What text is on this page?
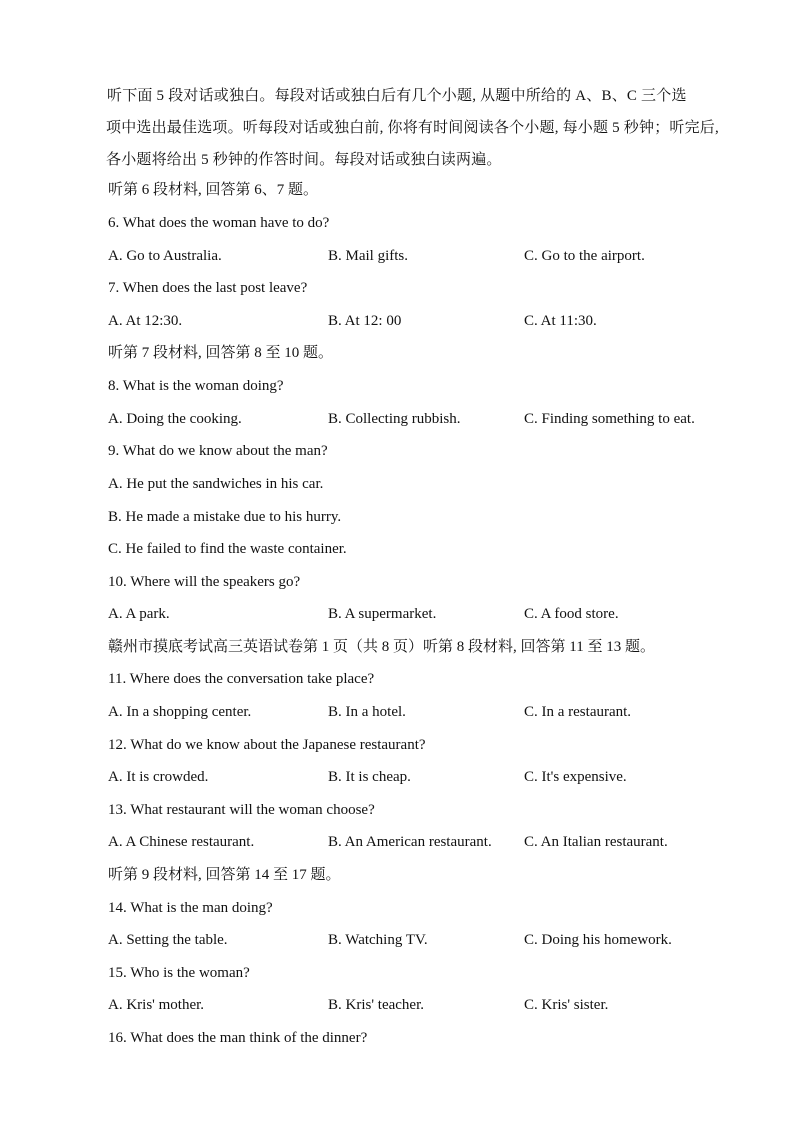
听下面 5 段对话或独白。每段对话或独白后有几个小题, 从题中所给的 A、B、C 三个选
项中选出最佳选项。听每段对话或独白前, 你将有时间阅读各个小题, 每小题 5 秒钟；听完后,
各小题将给出 5 秒钟的作答时间。每段对话或独白读两遍。
听第 6 段材料, 回答第 6、7 题。
6. What does the woman have to do?
A. Go to Australia.	B. Mail gifts.	C. Go to the airport.
7. When does the last post leave?
A. At 12:30.	B. At 12: 00	C. At 11:30.
听第 7 段材料, 回答第 8 至 10 题。
8. What is the woman doing?
A. Doing the cooking.	B. Collecting rubbish.	C. Finding something to eat.
9. What do we know about the man?
A. He put the sandwiches in his car.
B. He made a mistake due to his hurry.
C. He failed to find the waste container.
10. Where will the speakers go?
A. A park.	B. A supermarket.	C. A food store.
赣州市摸底考试高三英语试卷第 1 页（共 8 页）听第 8 段材料, 回答第 11 至 13 题。
11. Where does the conversation take place?
A. In a shopping center.	B. In a hotel.	C. In a restaurant.
12. What do we know about the Japanese restaurant?
A. It is crowded.	B. It is cheap.	C. It's expensive.
13. What restaurant will the woman choose?
A. A Chinese restaurant.	B. An American restaurant. C. An Italian restaurant.
听第 9 段材料, 回答第 14 至 17 题。
14. What is the man doing?
A. Setting the table.	B. Watching TV.	C. Doing his homework.
15. Who is the woman?
A. Kris' mother.	B. Kris' teacher.	C. Kris' sister.
16. What does the man think of the dinner?
